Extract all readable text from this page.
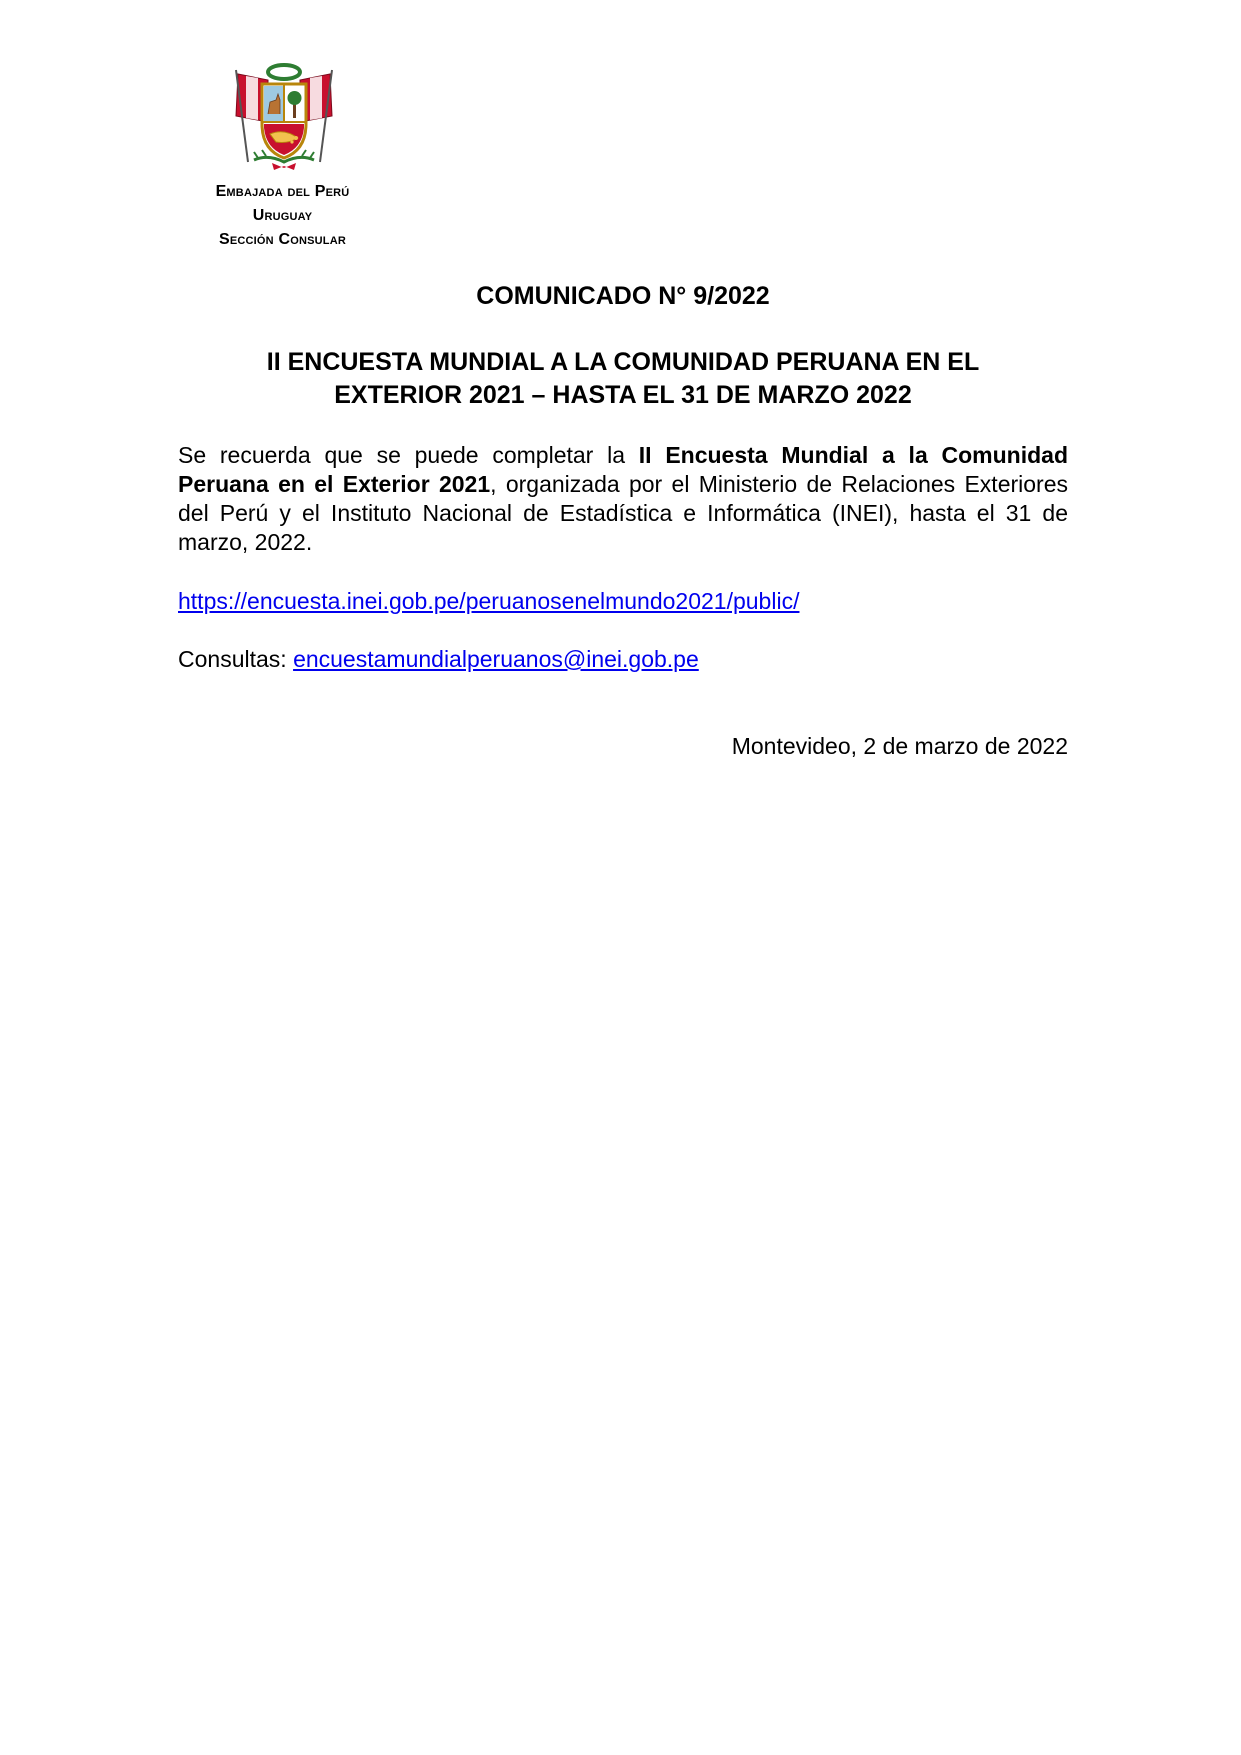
Embajada del Perú
Uruguay
Sección Consular
COMUNICADO N° 9/2022
II ENCUESTA MUNDIAL A LA COMUNIDAD PERUANA EN EL
EXTERIOR 2021 – HASTA EL 31 DE MARZO 2022
Se recuerda que se puede completar la II Encuesta Mundial a la Comunidad Peruana en el Exterior 2021, organizada por el Ministerio de Relaciones Exteriores del Perú y el Instituto Nacional de Estadística e Informática (INEI), hasta el 31 de marzo, 2022.
https://encuesta.inei.gob.pe/peruanosenelmundo2021/public/
Consultas: encuestamundialperuanos@inei.gob.pe
Montevideo, 2 de marzo de 2022
